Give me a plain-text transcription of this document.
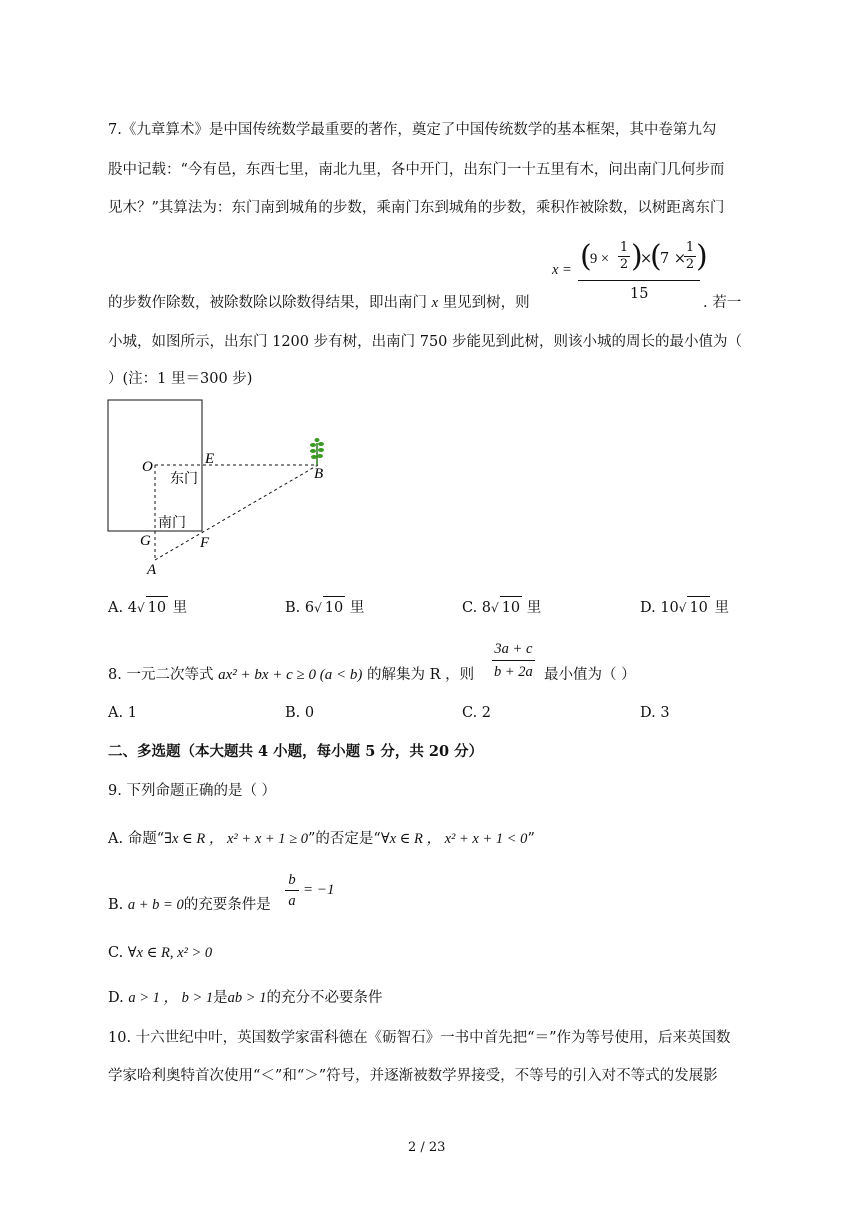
7.《九章算术》是中国传统数学最重要的著作，奠定了中国传统数学的基本框架，其中卷第九勾
股中记载：“今有邑，东西七里，南北九里，各中开门，出东门一十五里有木，问出南门几何步而
见木？”其算法为：东门南到城角的步数，乘南门东到城角的步数，乘积作被除数，以树距离东门
x = (
$9 \times \frac{1}{2}$ )
×
(
7 ×
$\frac{1}{2}$ )
15
的步数作除数，被除数除以除数得结果，即出南门 x 里见到树，则	. 若一
小城，如图所示，出东门 1200 步有树，出南门 750 步能见到此树，则该小城的周长的最小值为（
）(注：1 里＝300 步)
O	E
B
G	F
A
东门
南门
A. 4√ 10 里	B. 6√ 10 里	C. 8√ 10 里	D. 10√ 10 里
8. 一元二次等式 ax² + bx + c ≥ 0 (a < b) 的解集为 R ，则 $\frac{3a + c}{b + 2a}$ 最小值为（ ）
A. 1	B. 0	C. 2	D. 3
二、多选题（本大题共 4 小题，每小题 5 分，共 20 分）
9. 下列命题正确的是（ ）
A. 命题“∃x ∈ R ， x² + x + 1 ≥ 0”的否定是“∀x ∈ R ， x² + x + 1 < 0”
B. a + b = 0的充要条件是 $\frac{b}{a} = -1$
C. ∀x ∈ R, x² > 0
D. a > 1 ， b > 1是ab > 1的充分不必要条件
10. 十六世纪中叶，英国数学家雷科德在《砺智石》一书中首先把“＝”作为等号使用，后来英国数
学家哈利奥特首次使用“＜”和“＞”符号，并逐渐被数学界接受，不等号的引入对不等式的发展影
2 / 23
